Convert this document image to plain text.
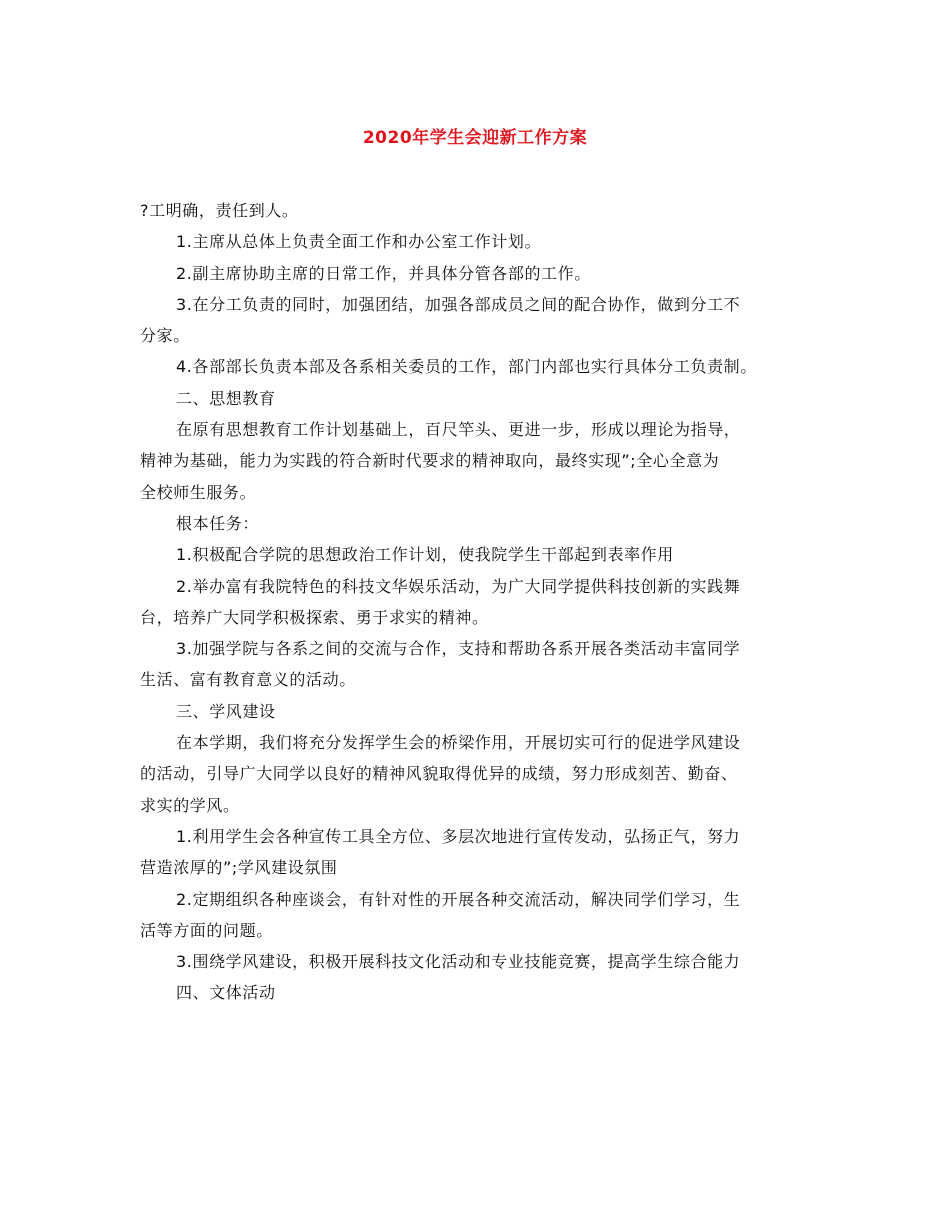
2020年学生会迎新工作方案

?工明确，责任到人。

1.主席从总体上负责全面工作和办公室工作计划。

2.副主席协助主席的日常工作，并具体分管各部的工作。

3.在分工负责的同时，加强团结，加强各部成员之间的配合协作，做到分工不

分家。

4.各部部长负责本部及各系相关委员的工作，部门内部也实行具体分工负责制。

二、思想教育

在原有思想教育工作计划基础上，百尺竿头、更进一步，形成以理论为指导，

精神为基础，能力为实践的符合新时代要求的精神取向，最终实现”;全心全意为

全校师生服务。

根本任务：

1.积极配合学院的思想政治工作计划，使我院学生干部起到表率作用

2.举办富有我院特色的科技文华娱乐活动，为广大同学提供科技创新的实践舞

台，培养广大同学积极探索、勇于求实的精神。

3.加强学院与各系之间的交流与合作，支持和帮助各系开展各类活动丰富同学

生活、富有教育意义的活动。

三、学风建设

在本学期，我们将充分发挥学生会的桥梁作用，开展切实可行的促进学风建设

的活动，引导广大同学以良好的精神风貌取得优异的成绩，努力形成刻苦、勤奋、

求实的学风。

1.利用学生会各种宣传工具全方位、多层次地进行宣传发动，弘扬正气，努力

营造浓厚的”;学风建设氛围

2.定期组织各种座谈会，有针对性的开展各种交流活动，解决同学们学习，生

活等方面的问题。

3.围绕学风建设，积极开展科技文化活动和专业技能竞赛，提高学生综合能力

四、文体活动
